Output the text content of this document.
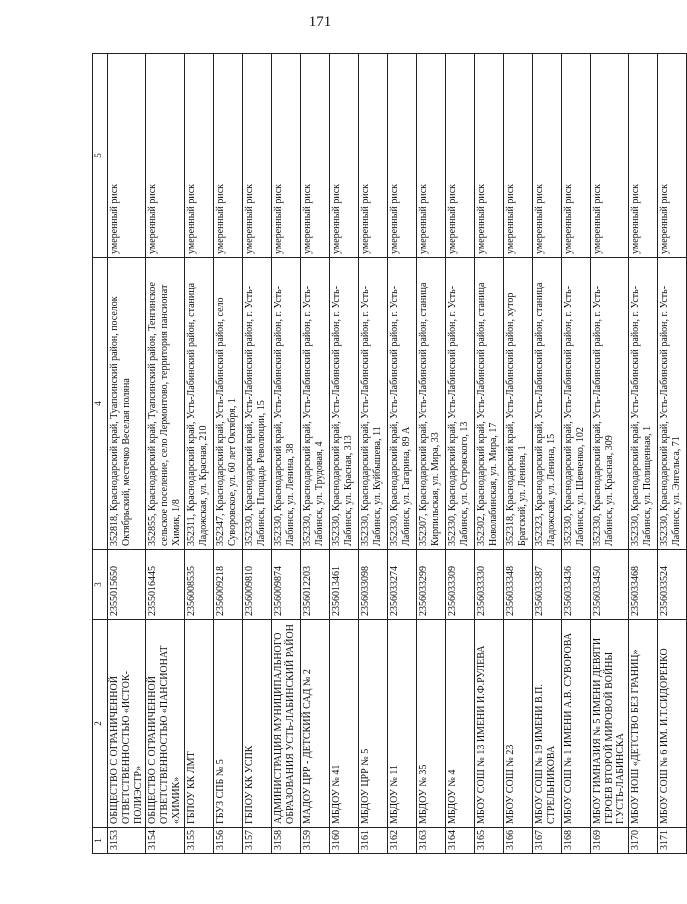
171
1	2	3	4	5
3153	ОБЩЕСТВО С ОГРАНИЧЕННОЙ ОТВЕТСТВЕННОСТЬЮ «ИСТОК-ПОЛИЭСТР»	2355015650	352818, Краснодарский край, Туапсинский район, поселок Октябрьский, местечко Веселая поляна	умеренный риск
3154	ОБЩЕСТВО С ОГРАНИЧЕННОЙ ОТВЕТСТВЕННОСТЬЮ «ПАНСИОНАТ «ХИМИК»	2355016445	352855, Краснодарский край, Туапсинский район, Тенгинское сельское поселение, село Лермонтово, территория пансионат Химик, 1/8	умеренный риск
3155	ГБПОУ КК ЛМТ	2356008535	352311, Краснодарский край, Усть-Лабинский район, станица Ладожская, ул. Красная, 210	умеренный риск
3156	ГБУЗ СПБ № 5	2356009218	352347, Краснодарский край, Усть-Лабинский район, село Суворовское, ул. 60 лет Октября, 1	умеренный риск
3157	ГБПОУ КК УСПК	2356009810	352330, Краснодарский край, Усть-Лабинский район, г. Усть-Лабинск, Площадь Революции, 15	умеренный риск
3158	АДМИНИСТРАЦИЯ МУНИЦИПАЛЬНОГО ОБРАЗОВАНИЯ УСТЬ-ЛАБИНСКИЙ РАЙОН	2356009874	352330, Краснодарский край, Усть-Лабинский район, г. Усть-Лабинск, ул. Ленина, 38	умеренный риск
3159	МАДОУ ЦРР - ДЕТСКИЙ САД № 2	2356012203	352330, Краснодарский край, Усть-Лабинский район, г. Усть-Лабинск, ул. Трудовая, 4	умеренный риск
3160	МБДОУ № 41	2356013461	352330, Краснодарский край, Усть-Лабинский район, г. Усть-Лабинск, ул. Красная, 313	умеренный риск
3161	МБДОУ ЦРР № 5	2356033098	352330, Краснодарский край, Усть-Лабинский район, г. Усть-Лабинск, ул. Куйбышева, 11	умеренный риск
3162	МБДОУ № 11	2356033274	352330, Краснодарский край, Усть-Лабинский район, г. Усть-Лабинск, ул. Гагарина, 89 А	умеренный риск
3163	МБДОУ № 35	2356033299	352307, Краснодарский край, Усть-Лабинский район, станица Кирпильская, ул. Мира, 33	умеренный риск
3164	МБДОУ № 4	2356033309	352330, Краснодарский край, Усть-Лабинский район, г. Усть-Лабинск, ул. Островского, 13	умеренный риск
3165	МБОУ СОШ № 13 ИМЕНИ И.Ф.РУЛЕВА	2356033330	352302, Краснодарский край, Усть-Лабинский район, станица Новолабинская, ул. Мира, 17	умеренный риск
3166	МБОУ СОШ № 23	2356033348	352318, Краснодарский край, Усть-Лабинский район, хутор Братский, ул. Ленина, 1	умеренный риск
3167	МБОУ СОШ № 19 ИМЕНИ В.П. СТРЕЛЬНИКОВА	2356033387	352323, Краснодарский край, Усть-Лабинский район, станица Ладожская, ул. Ленина, 15	умеренный риск
3168	МБОУ СОШ № 1 ИМЕНИ А.В. СУВОРОВА	2356033436	352330, Краснодарский край, Усть-Лабинский район, г. Усть-Лабинск, ул. Шевченко, 102	умеренный риск
3169	МБОУ ГИМНАЗИЯ № 5 ИМЕНИ ДЕВЯТИ ГЕРОЕВ ВТОРОЙ МИРОВОЙ ВОЙНЫ Г.УСТЬ-ЛАБИНСКА	2356033450	352330, Краснодарский край, Усть-Лабинский район, г. Усть-Лабинск, ул. Красная, 309	умеренный риск
3170	МБОУ НОШ «ДЕТСТВО БЕЗ ГРАНИЦ»	2356033468	352330, Краснодарский край, Усть-Лабинский район, г. Усть-Лабинск, ул. Полищенная, 1	умеренный риск
3171	МБОУ СОШ № 6 ИМ. И.Т.СИДОРЕНКО	2356033524	352330, Краснодарский край, Усть-Лабинский район, г. Усть-Лабинск, ул. Энгельса, 71	умеренный риск
